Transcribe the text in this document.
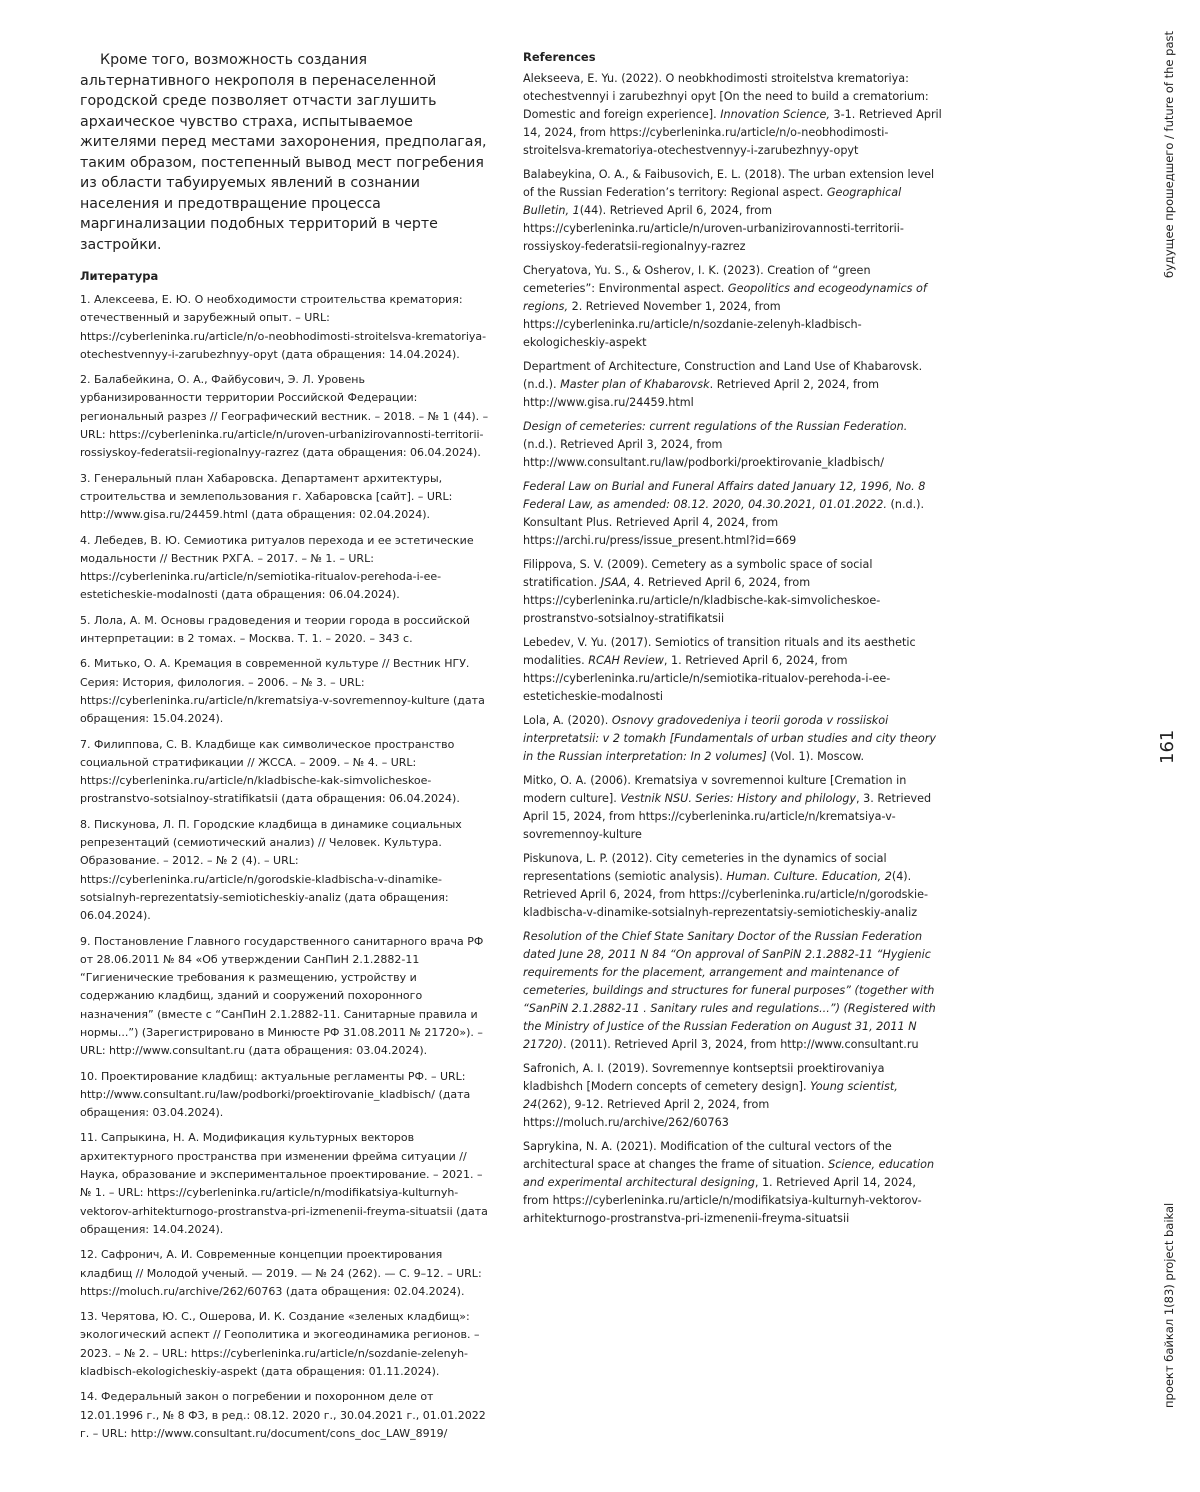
Кроме того, возможность создания альтернативного некрополя в перенаселенной городской среде позволяет отчасти заглушить архаическое чувство страха, испытываемое жителями перед местами захоронения, предполагая, таким образом, постепенный вывод мест погребения из области табуируемых явлений в сознании населения и предотвращение процесса маргинализации подобных территорий в черте застройки.

Литература

1. Алексеева, Е. Ю. О необходимости строительства крематория: отечественный и зарубежный опыт. – URL: https://cyberleninka.ru/article/n/o-neobhodimosti-stroitelsva-krematoriya-otechestvennyy-i-zarubezhnyy-opyt (дата обращения: 14.04.2024).

2. Балабейкина, О. А., Файбусович, Э. Л. Уровень урбанизированности территории Российской Федерации: региональный разрез // Географический вестник. – 2018. – № 1 (44). – URL: https://cyberleninka.ru/article/n/uroven-urbanizirovannosti-territorii-rossiyskoy-federatsii-regionalnyy-razrez (дата обращения: 06.04.2024).

3. Генеральный план Хабаровска. Департамент архитектуры, строительства и землепользования г. Хабаровска [сайт]. – URL: http://www.gisa.ru/24459.html (дата обращения: 02.04.2024).

4. Лебедев, В. Ю. Семиотика ритуалов перехода и ее эстетические модальности // Вестник РХГА. – 2017. – № 1. – URL: https://cyberleninka.ru/article/n/semiotika-ritualov-perehoda-i-ee-esteticheskie-modalnosti (дата обращения: 06.04.2024).

5. Лола, А. М. Основы градоведения и теории города в российской интерпретации: в 2 томах. – Москва. Т. 1. – 2020. – 343 с.

6. Митько, О. А. Кремация в современной культуре // Вестник НГУ. Серия: История, филология. – 2006. – № 3. – URL: https://cyberleninka.ru/article/n/krematsiya-v-sovremennoy-kulture (дата обращения: 15.04.2024).

7. Филиппова, С. В. Кладбище как символическое пространство социальной стратификации // ЖССА. – 2009. – № 4. – URL: https://cyberleninka.ru/article/n/kladbische-kak-simvolicheskoe-prostranstvo-sotsialnoy-stratifikatsii (дата обращения: 06.04.2024).

8. Пискунова, Л. П. Городские кладбища в динамике социальных репрезентаций (семиотический анализ) // Человек. Культура. Образование. – 2012. – № 2 (4). – URL: https://cyberleninka.ru/article/n/gorodskie-kladbischa-v-dinamike-sotsialnyh-reprezentatsiy-semioticheskiy-analiz (дата обращения: 06.04.2024).

9. Постановление Главного государственного санитарного врача РФ от 28.06.2011 № 84 «Об утверждении СанПиН 2.1.2882-11 “Гигиенические требования к размещению, устройству и содержанию кладбищ, зданий и сооружений похоронного назначения” (вместе с “СанПиН 2.1.2882-11. Санитарные правила и нормы...”) (Зарегистрировано в Минюсте РФ 31.08.2011 № 21720»). – URL: http://www.consultant.ru (дата обращения: 03.04.2024).

10. Проектирование кладбищ: актуальные регламенты РФ. – URL: http://www.consultant.ru/law/podborki/proektirovanie_kladbisch/ (дата обращения: 03.04.2024).

11. Сапрыкина, Н. А. Модификация культурных векторов архитектурного пространства при изменении фрейма ситуации // Наука, образование и экспериментальное проектирование. – 2021. – № 1. – URL: https://cyberleninka.ru/article/n/modifikatsiya-kulturnyh-vektorov-arhitekturnogo-prostranstva-pri-izmenenii-freyma-situatsii (дата обращения: 14.04.2024).

12. Сафронич, А. И. Современные концепции проектирования кладбищ // Молодой ученый. — 2019. — № 24 (262). — С. 9–12. – URL: https://moluch.ru/archive/262/60763 (дата обращения: 02.04.2024).

13. Черятова, Ю. С., Ошерова, И. К. Создание «зеленых кладбищ»: экологический аспект // Геополитика и экогеодинамика регионов. – 2023. – № 2. – URL: https://cyberleninka.ru/article/n/sozdanie-zelenyh-kladbisch-ekologicheskiy-aspekt (дата обращения: 01.11.2024).

14. Федеральный закон о погребении и похоронном деле от 12.01.1996 г., № 8 ФЗ, в ред.: 08.12. 2020 г., 30.04.2021 г., 01.01.2022 г. – URL: http://www.consultant.ru/document/cons_doc_LAW_8919/

References

Alekseeva, E. Yu. (2022). O neobkhodimosti stroitelstva krematoriya: otechestvennyi i zarubezhnyi opyt [On the need to build a crematorium: Domestic and foreign experience]. Innovation Science, 3-1. Retrieved April 14, 2024, from https://cyberleninka.ru/article/n/o-neobhodimosti-stroitelsva-krematoriya-otechestvennyy-i-zarubezhnyy-opyt

Balabeykina, O. A., & Faibusovich, E. L. (2018). The urban extension level of the Russian Federation’s territory: Regional aspect. Geographical Bulletin, 1(44). Retrieved April 6, 2024, from https://cyberleninka.ru/article/n/uroven-urbanizirovannosti-territorii-rossiyskoy-federatsii-regionalnyy-razrez

Cheryatova, Yu. S., & Osherov, I. K. (2023). Creation of “green cemeteries”: Environmental aspect. Geopolitics and ecogeodynamics of regions, 2. Retrieved November 1, 2024, from https://cyberleninka.ru/article/n/sozdanie-zelenyh-kladbisch-ekologicheskiy-aspekt

Department of Architecture, Construction and Land Use of Khabarovsk. (n.d.). Master plan of Khabarovsk. Retrieved April 2, 2024, from http://www.gisa.ru/24459.html

Design of cemeteries: current regulations of the Russian Federation. (n.d.). Retrieved April 3, 2024, from http://www.consultant.ru/law/podborki/proektirovanie_kladbisch/

Federal Law on Burial and Funeral Affairs dated January 12, 1996, No. 8 Federal Law, as amended: 08.12. 2020, 04.30.2021, 01.01.2022. (n.d.). Konsultant Plus. Retrieved April 4, 2024, from https://archi.ru/press/issue_present.html?id=669

Filippova, S. V. (2009). Cemetery as a symbolic space of social stratification. JSAA, 4. Retrieved April 6, 2024, from https://cyberleninka.ru/article/n/kladbische-kak-simvolicheskoe-prostranstvo-sotsialnoy-stratifikatsii

Lebedev, V. Yu. (2017). Semiotics of transition rituals and its aesthetic modalities. RCAH Review, 1. Retrieved April 6, 2024, from https://cyberleninka.ru/article/n/semiotika-ritualov-perehoda-i-ee-esteticheskie-modalnosti

Lola, A. (2020). Osnovy gradovedeniya i teorii goroda v rossiiskoi interpretatsii: v 2 tomakh [Fundamentals of urban studies and city theory in the Russian interpretation: In 2 volumes] (Vol. 1). Moscow.

Mitko, O. A. (2006). Krematsiya v sovremennoi kulture [Cremation in modern culture]. Vestnik NSU. Series: History and philology, 3. Retrieved April 15, 2024, from https://cyberleninka.ru/article/n/krematsiya-v-sovremennoy-kulture

Piskunova, L. P. (2012). City cemeteries in the dynamics of social representations (semiotic analysis). Human. Culture. Education, 2(4). Retrieved April 6, 2024, from https://cyberleninka.ru/article/n/gorodskie-kladbischa-v-dinamike-sotsialnyh-reprezentatsiy-semioticheskiy-analiz

Resolution of the Chief State Sanitary Doctor of the Russian Federation dated June 28, 2011 N 84 “On approval of SanPiN 2.1.2882-11 “Hygienic requirements for the placement, arrangement and maintenance of cemeteries, buildings and structures for funeral purposes” (together with “SanPiN 2.1.2882-11 . Sanitary rules and regulations...”) (Registered with the Ministry of Justice of the Russian Federation on August 31, 2011 N 21720). (2011). Retrieved April 3, 2024, from http://www.consultant.ru

Safronich, A. I. (2019). Sovremennye kontseptsii proektirovaniya kladbishch [Modern concepts of cemetery design]. Young scientist, 24(262), 9-12. Retrieved April 2, 2024, from https://moluch.ru/archive/262/60763

Saprykina, N. A. (2021). Modification of the cultural vectors of the architectural space at changes the frame of situation. Science, education and experimental architectural designing, 1. Retrieved April 14, 2024, from https://cyberleninka.ru/article/n/modifikatsiya-kulturnyh-vektorov-arhitekturnogo-prostranstva-pri-izmenenii-freyma-situatsii

будущее прошедшего / future of the past
161
проект байкал 1(83) project baikal
